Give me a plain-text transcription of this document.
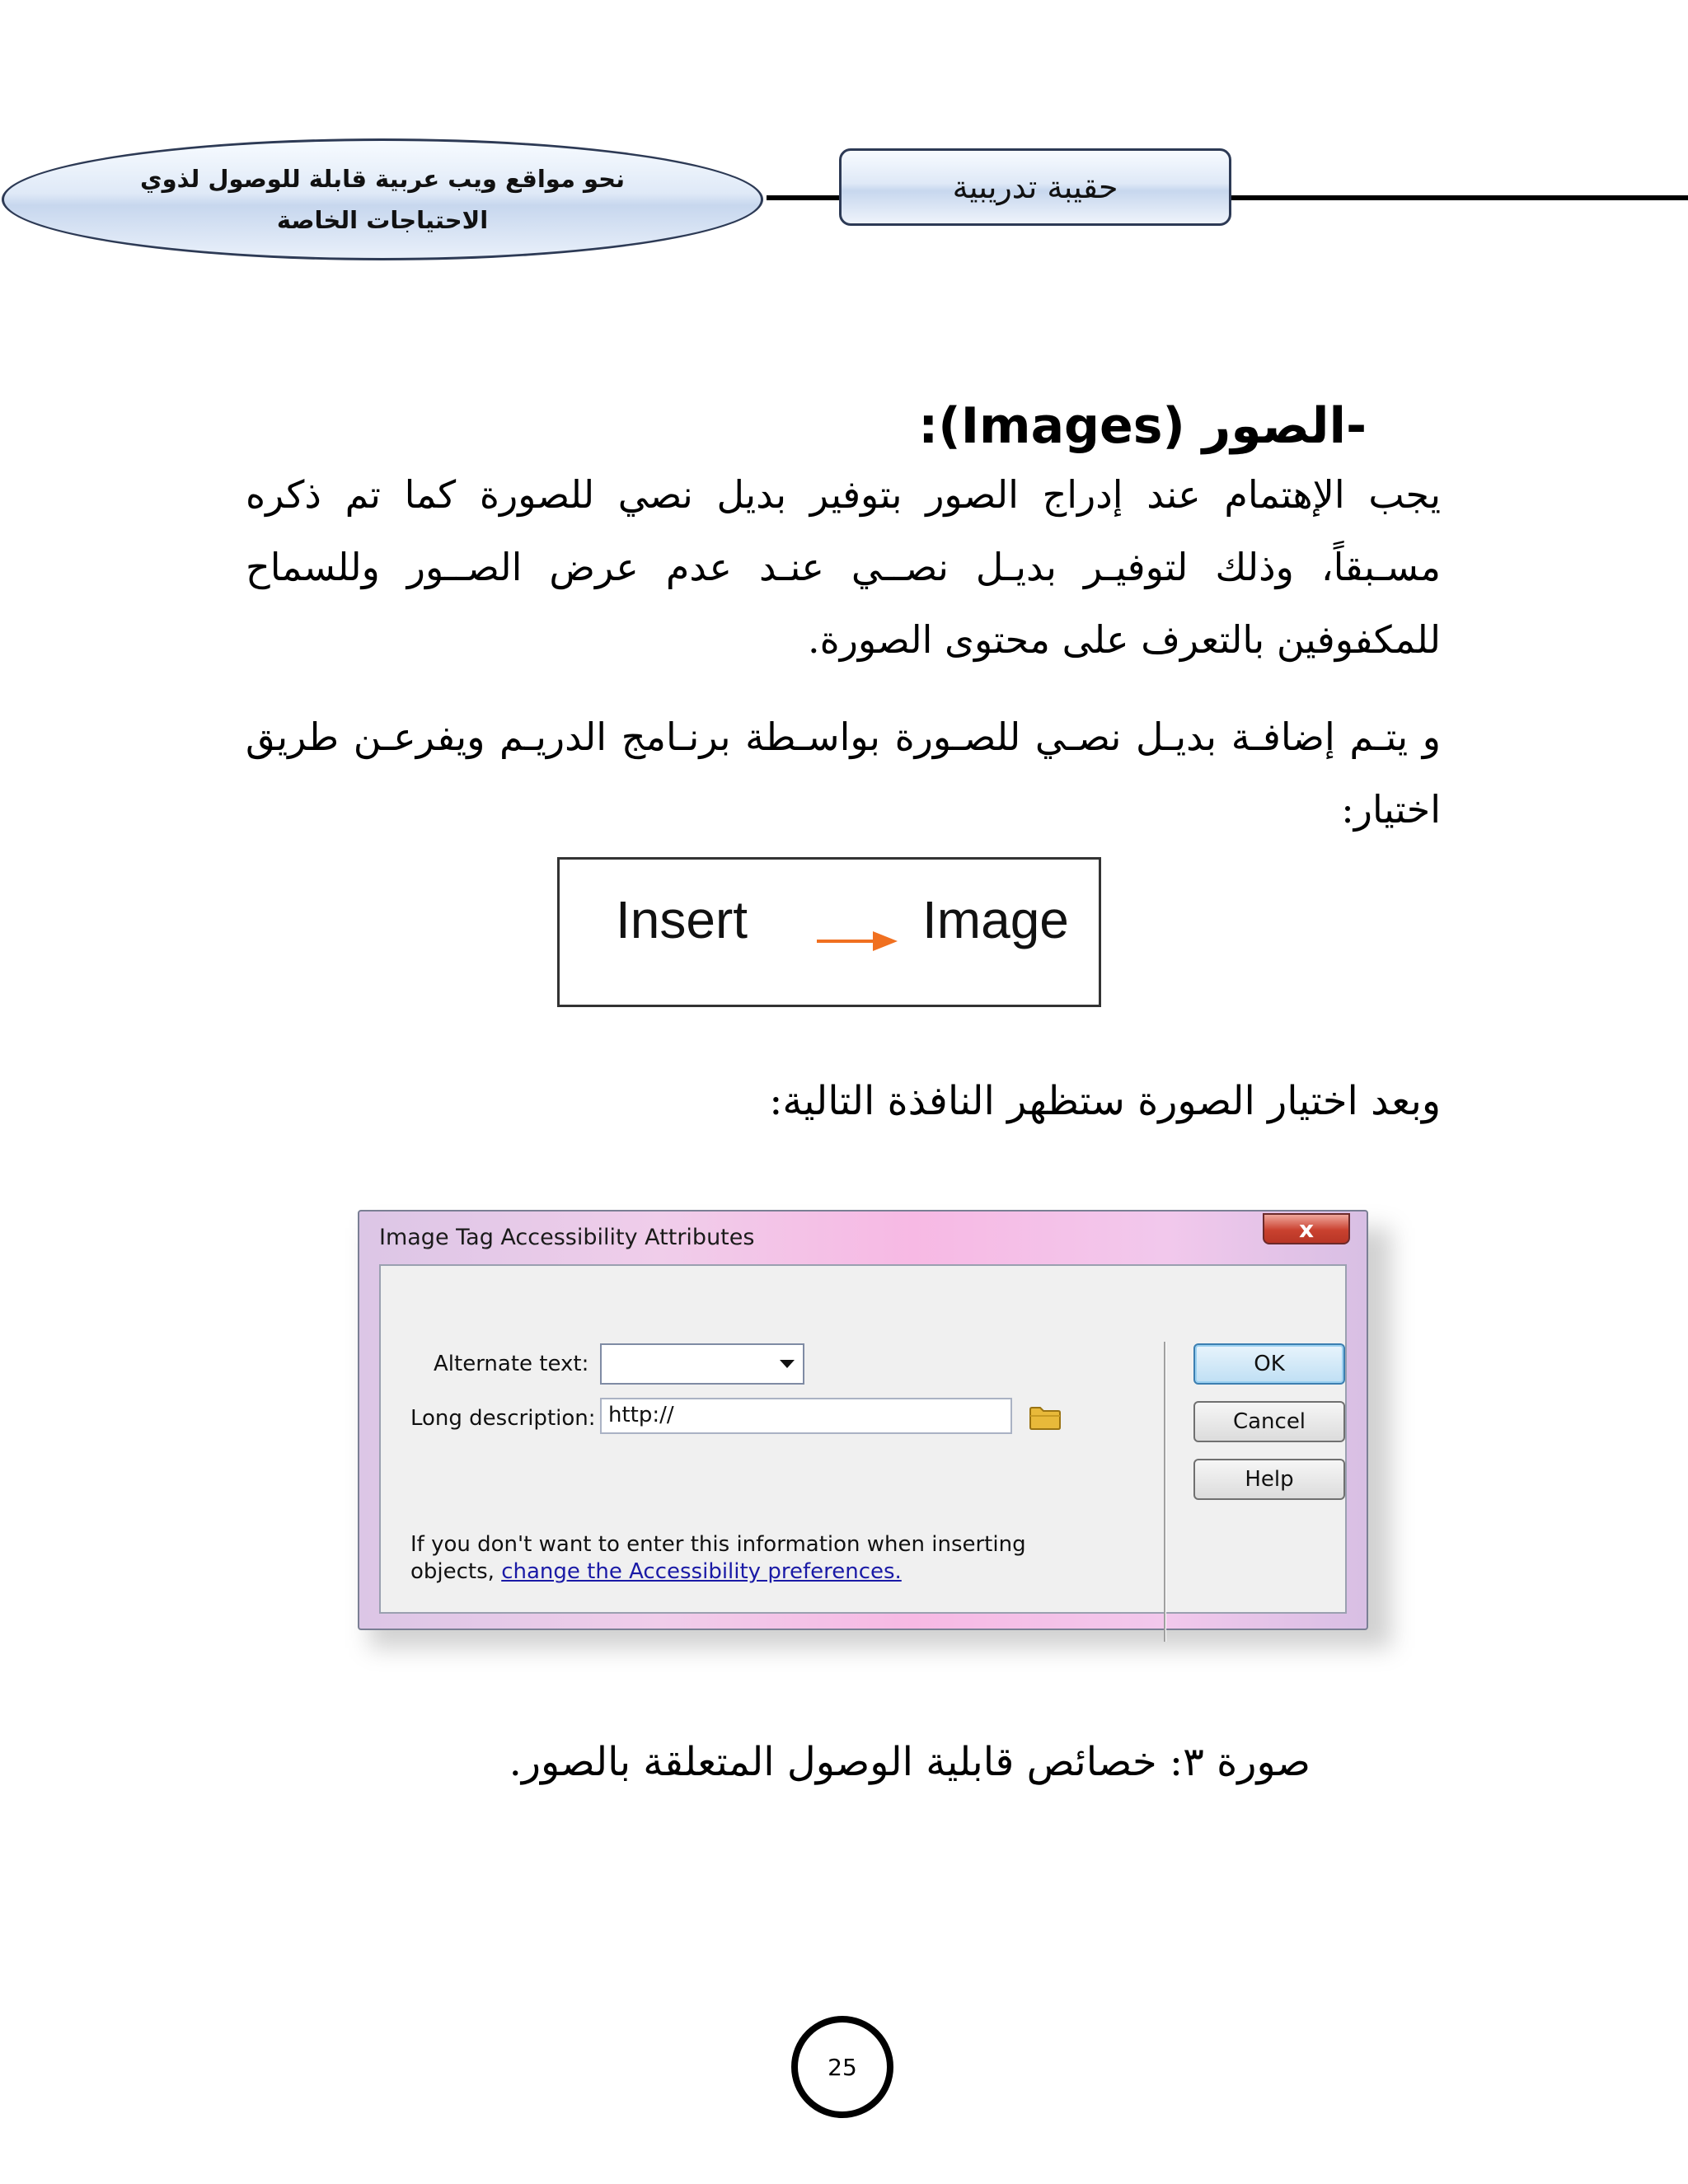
نحو مواقع ويب عربية قابلة للوصول لذوي
الاحتياجات الخاصة
حقيبة تدريبية
-الصور (Images):
يجب الإهتمام عند إدراج الصور بتوفير بديل نصي للصورة كما تم ذكره مسـبقاً، وذلك لتوفيـر بديـل نصــي عنـد عدم عرض الصــور وللسماح للمكفوفين بالتعرف على محتوى الصورة.
و يتـم إضافـة بديـل نصـي للصـورة بواسـطة برنـامج الدريـم ويفرعـن طريق اختيار:
Insert	Image
وبعد اختيار الصورة ستظهر النافذة التالية:
Image Tag Accessibility Attributes	x
Alternate text:
Long description: http://
If you don't want to enter this information when inserting
objects, change the Accessibility preferences.
OK
Cancel
Help
صورة ٣: خصائص قابلية الوصول المتعلقة بالصور.
25
